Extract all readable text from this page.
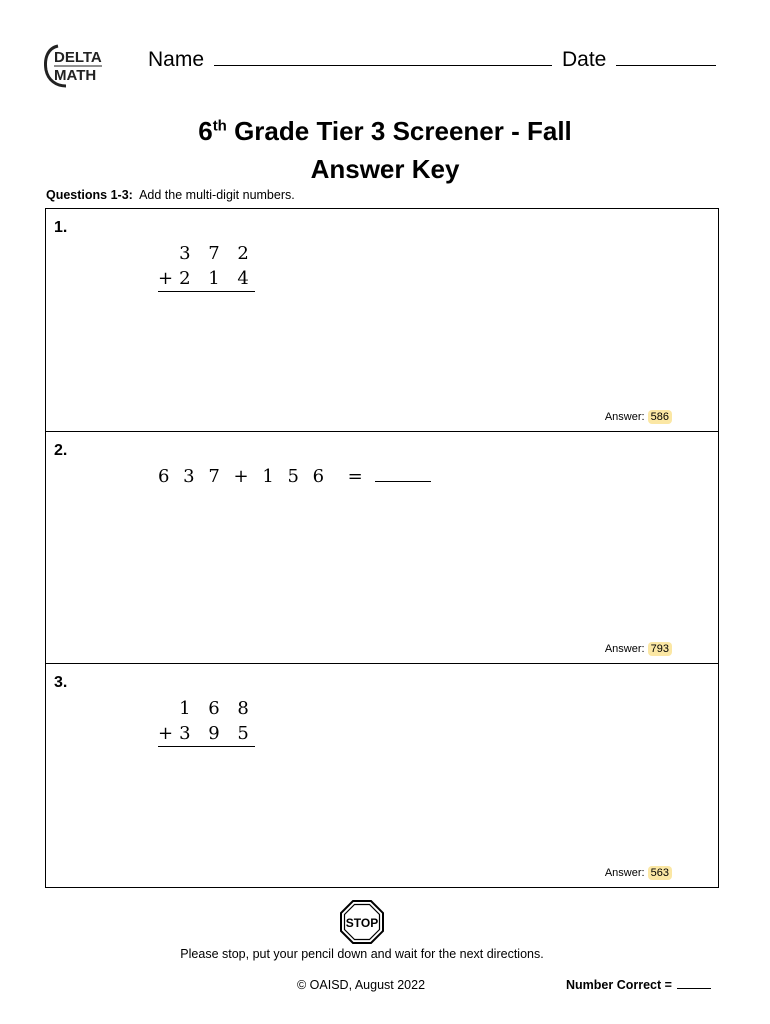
DELTA
MATH
Name	Date
6th Grade Tier 3 Screener - Fall
Answer Key
Questions 1-3: Add the multi-digit numbers.
1.
3 7 2
+2 1 4
Answer: 586
2.
6 3 7 + 1 5 6  =
Answer: 793
3.
1 6 8
+3 9 5
Answer: 563
STOP
Please stop, put your pencil down and wait for the next directions.
© OAISD, August 2022	Number Correct =
